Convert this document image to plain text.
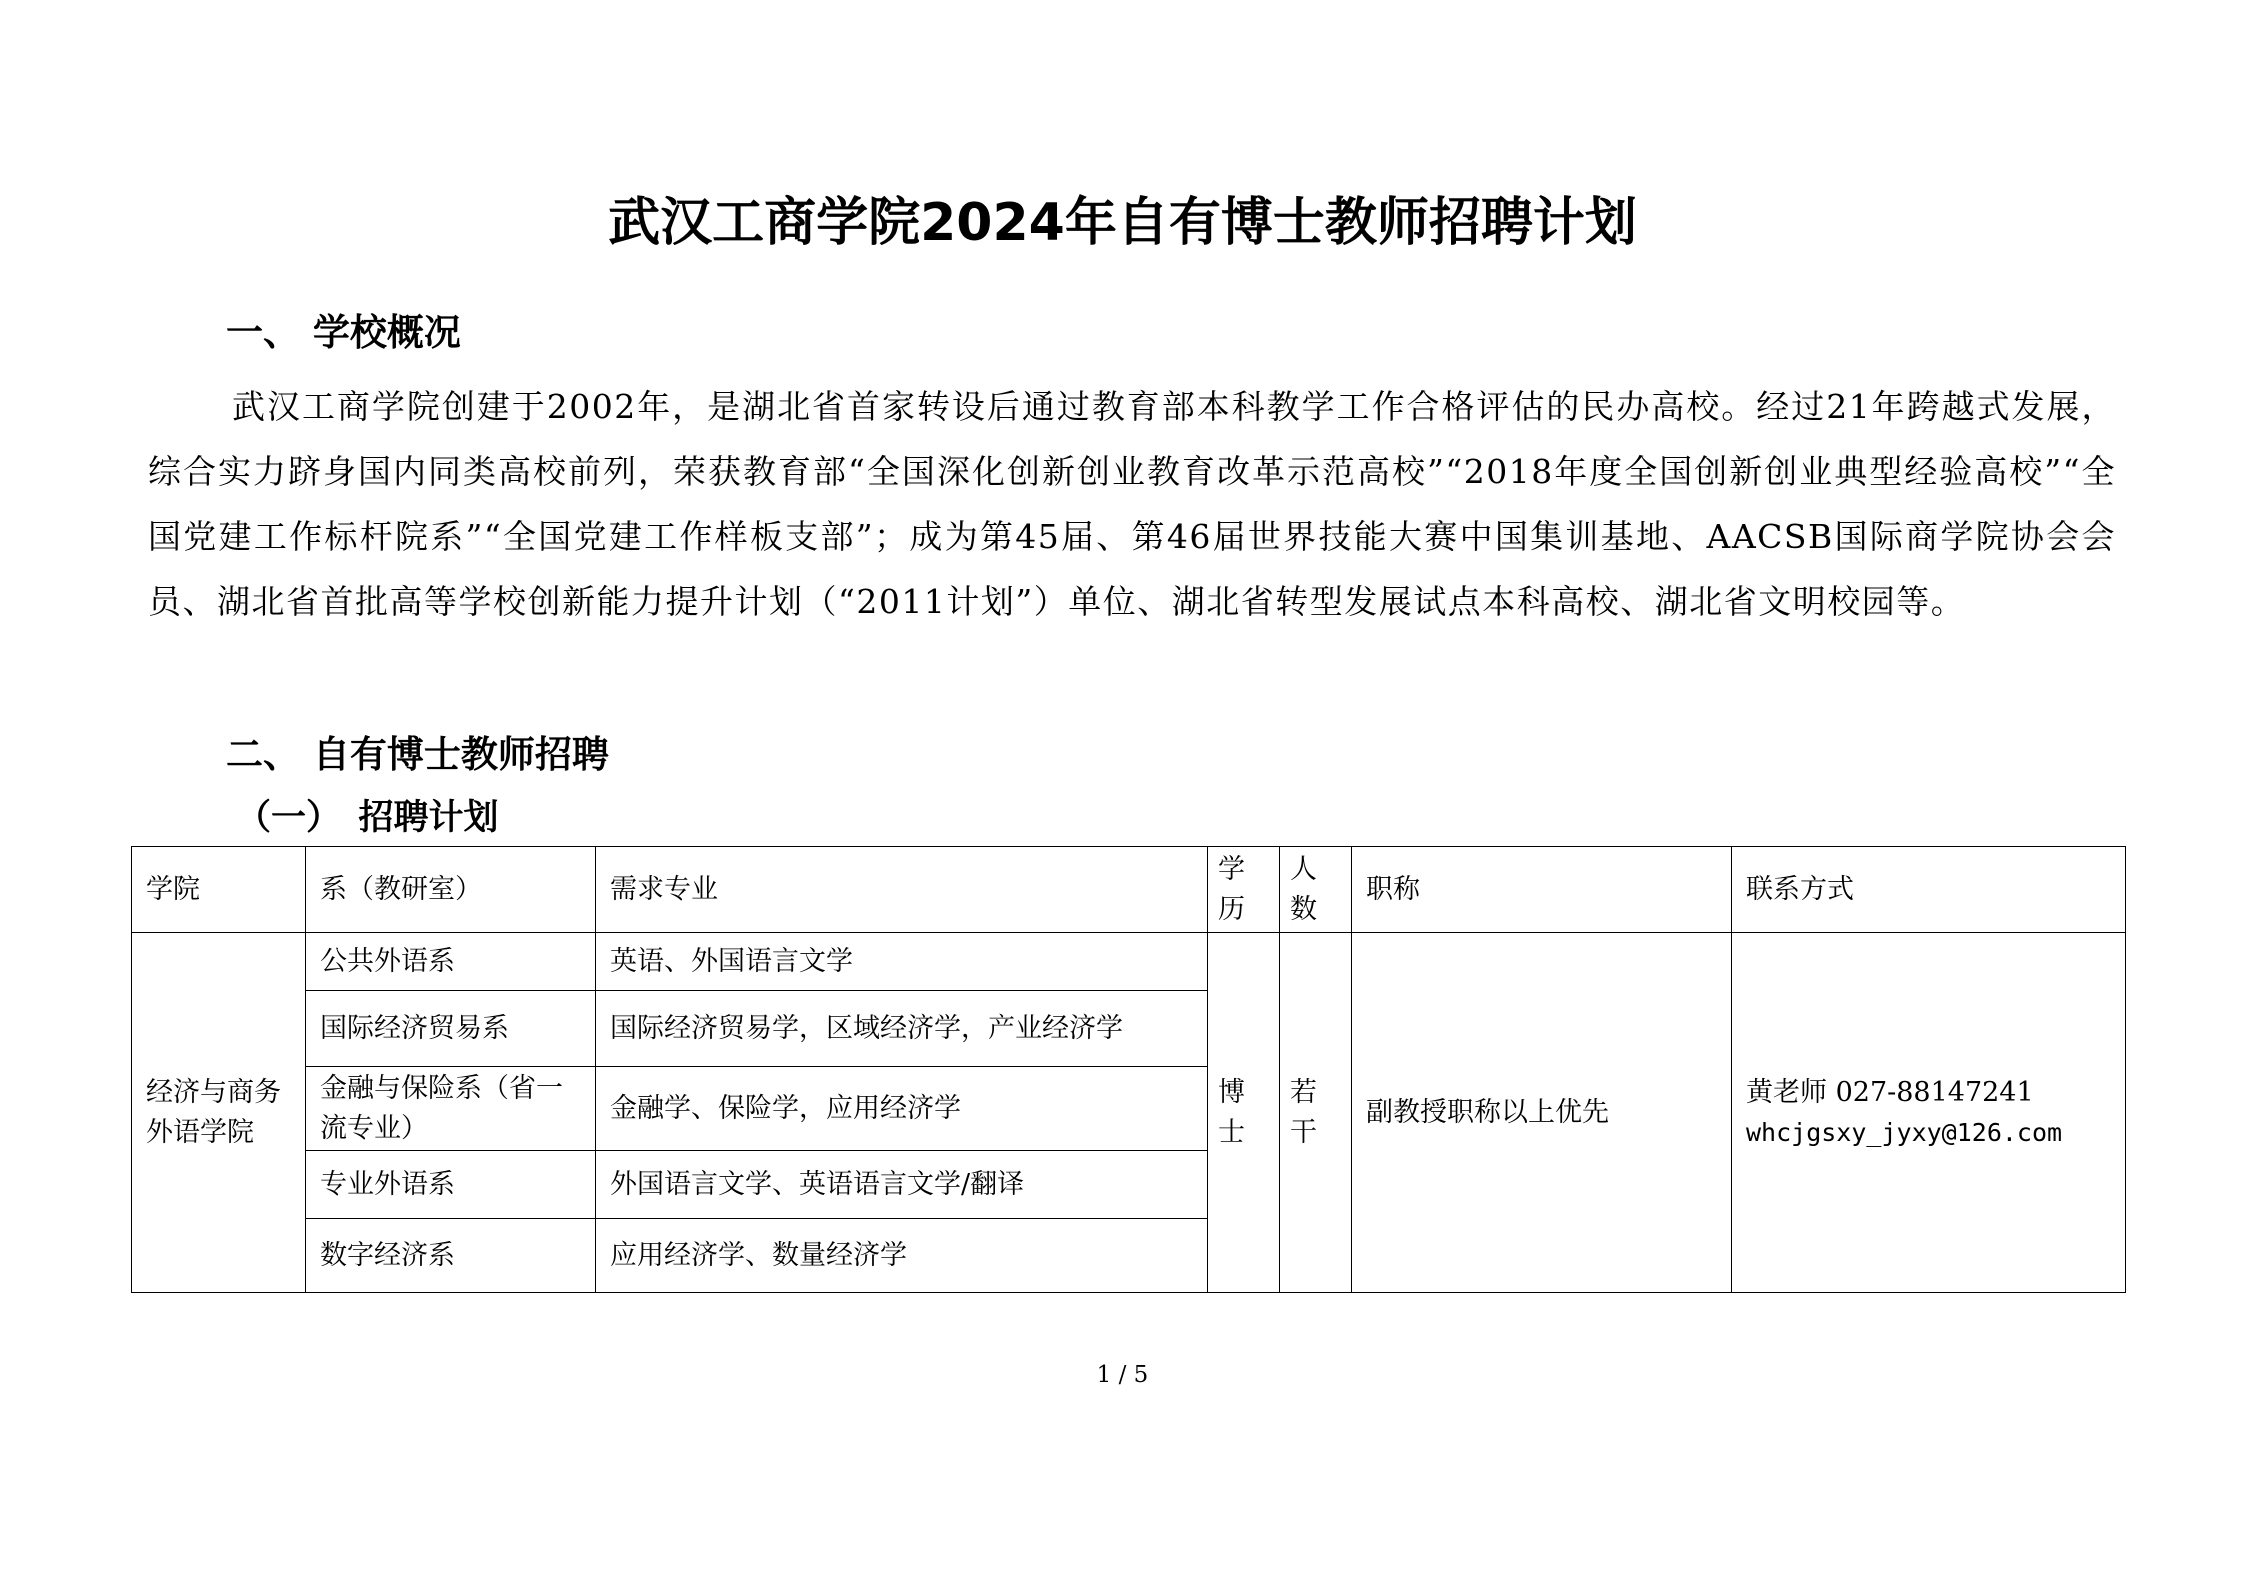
武汉工商学院2024年自有博士教师招聘计划
一、 学校概况

武汉工商学院创建于2002年，是湖北省首家转设后通过教育部本科教学工作合格评估的民办高校。经过21年跨越式发展，综合实力跻身国内同类高校前列，荣获教育部“全国深化创新创业教育改革示范高校”“2018年度全国创新创业典型经验高校”“全国党建工作标杆院系”“全国党建工作样板支部”；成为第45届、第46届世界技能大赛中国集训基地、AACSB国际商学院协会会员、湖北省首批高等学校创新能力提升计划（“2011计划”）单位、湖北省转型发展试点本科高校、湖北省文明校园等。

二、 自有博士教师招聘
（一）　招聘计划
学院	系（教研室）	需求专业	学历	人数	职称	联系方式
经济与商务外语学院	公共外语系	英语、外国语言文学	博士	若干	副教授职称以上优先	黄老师 027-88147241
whcjgsxy_jyxy@126.com

	国际经济贸易系	国际经济贸易学，区域经济学，产业经济学				
	金融与保险系（省一流专业）	金融学、保险学，应用经济学				
	专业外语系	外国语言文学、英语语言文学/翻译				
	数字经济系	应用经济学、数量经济学				
1 / 5
